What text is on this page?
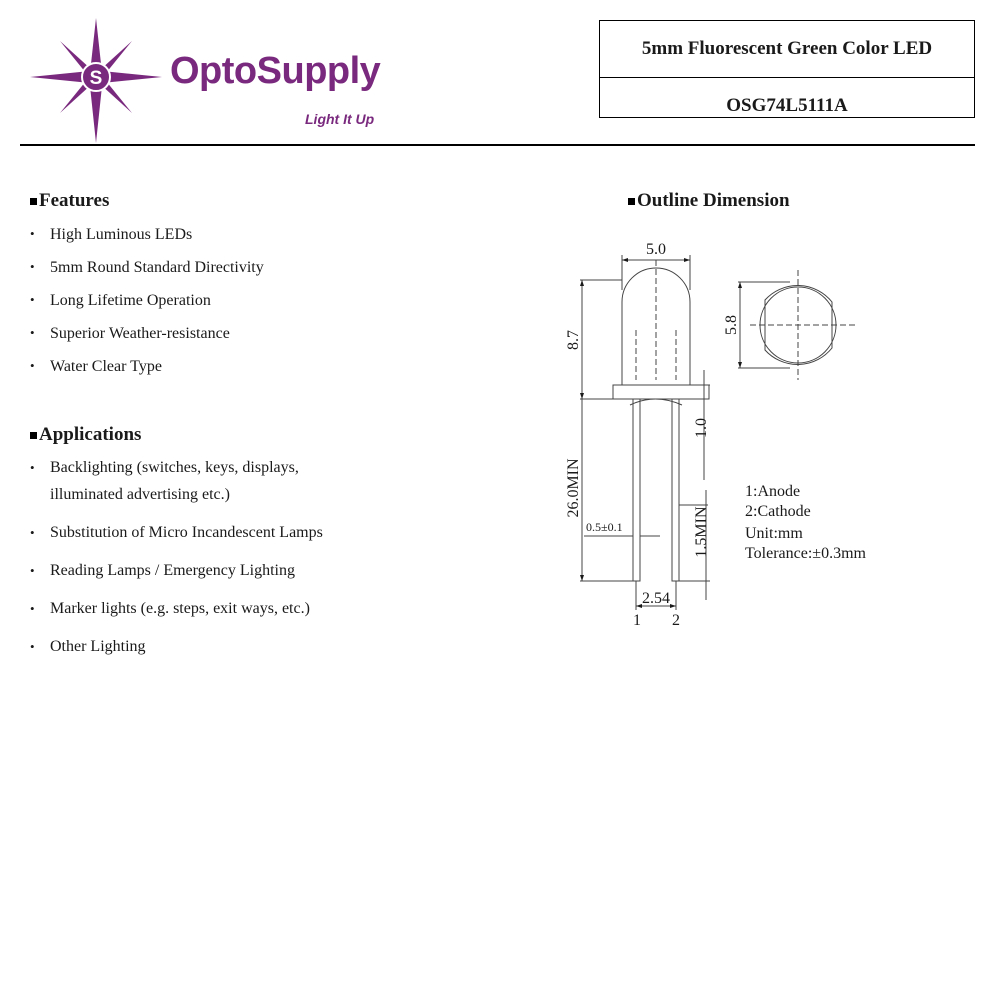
S OptoSupply
Light It Up
5mm Fluorescent Green Color LED
OSG74L5111A
Features
• High Luminous LEDs
• 5mm Round Standard Directivity
• Long Lifetime Operation
• Superior Weather-resistance
• Water Clear Type
Applications
• Backlighting (switches, keys, displays, illuminated advertising etc.)
• Substitution of Micro Incandescent Lamps
• Reading Lamps / Emergency Lighting
• Marker lights (e.g. steps, exit ways, etc.)
• Other Lighting
Outline Dimension
5.0
8.7
5.8
1.0
26.0MIN
1.5MIN
0.5±0.1
2.54
1 2
1:Anode
2:Cathode
Unit:mm
Tolerance:±0.3mm
